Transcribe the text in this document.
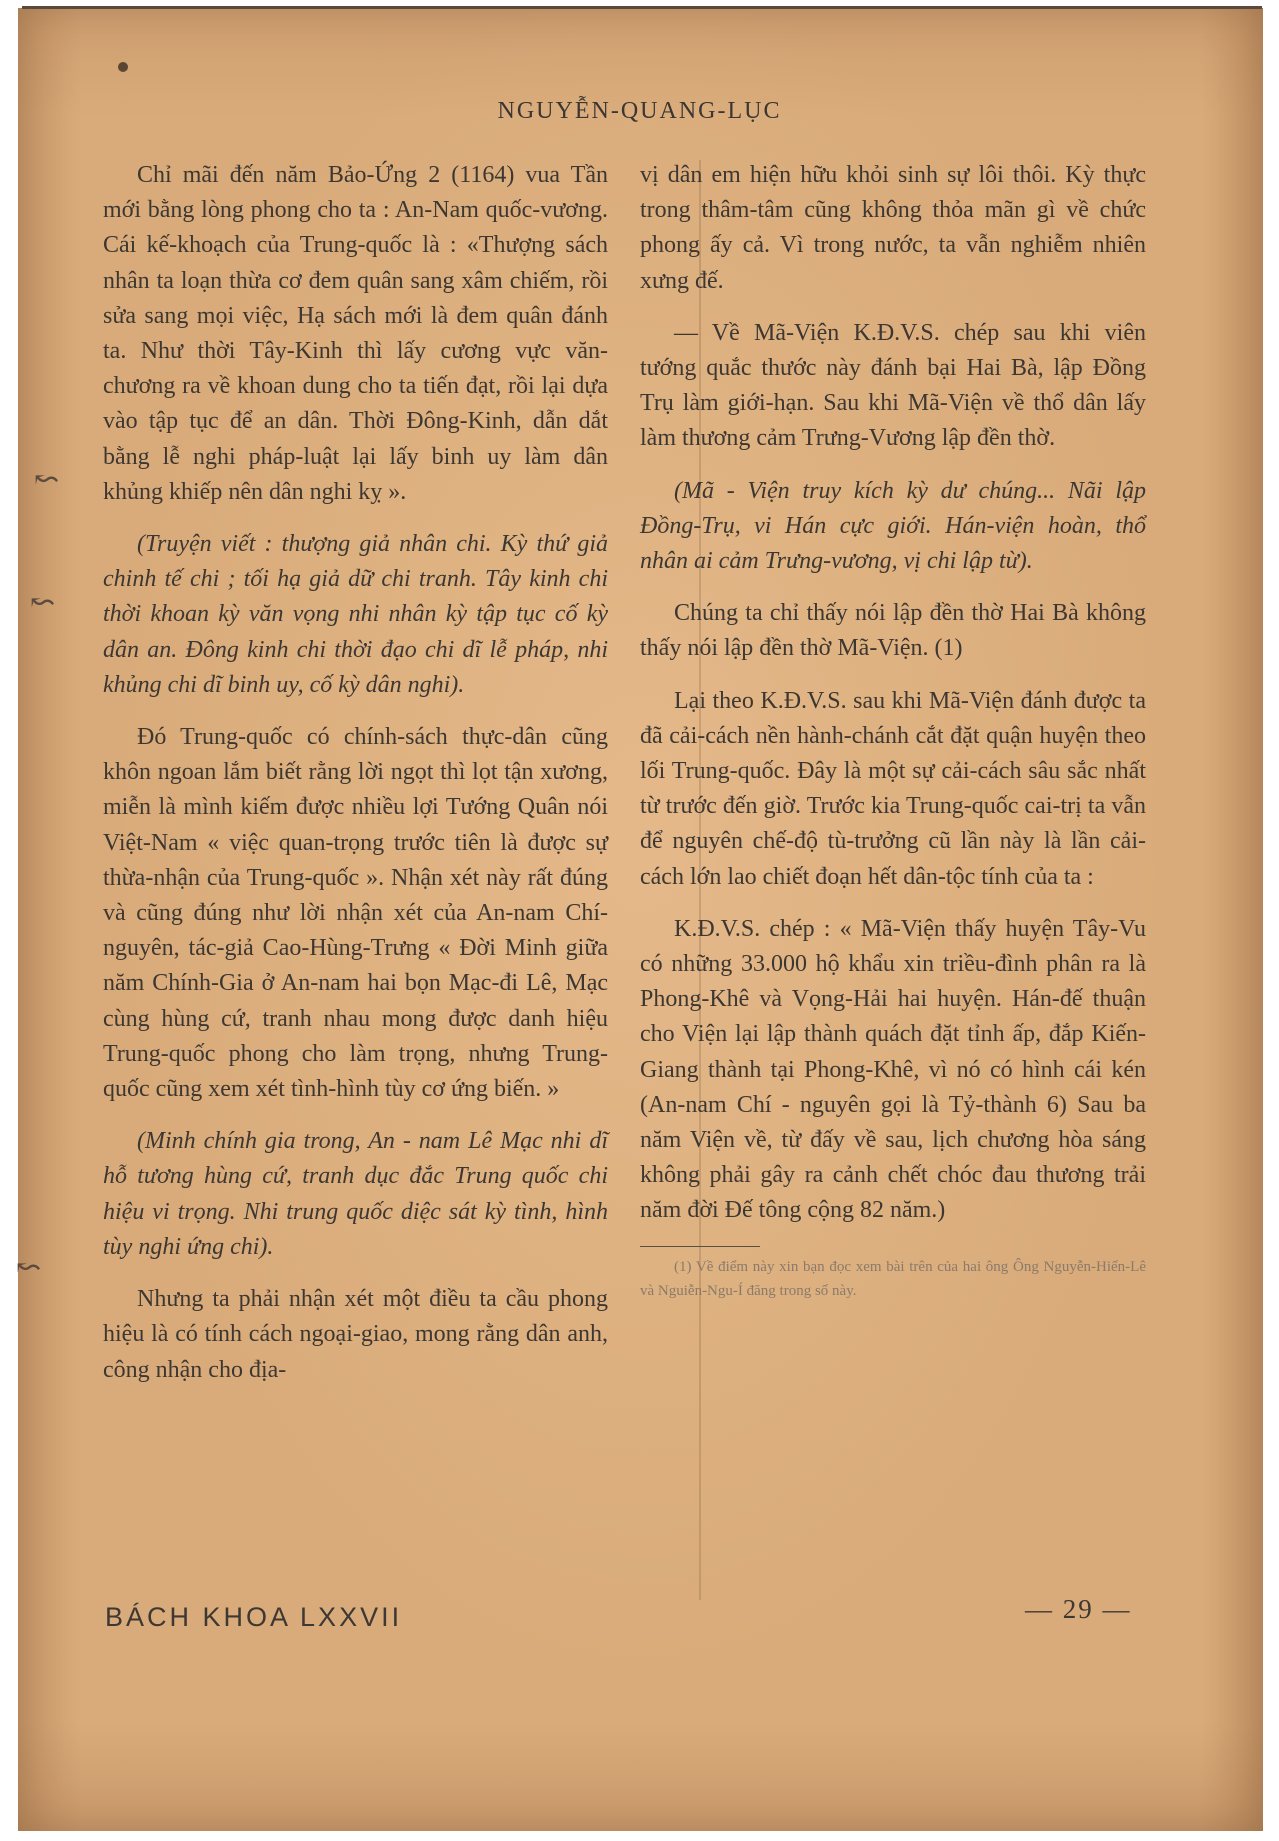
↜
↜
↜
NGUYỄN-QUANG-LỤC

Chỉ mãi đến năm Bảo-Ứng 2 (1164) vua Tần mới bằng lòng phong cho ta : An-Nam quốc-vương. Cái kế-khoạch của Trung-quốc là : «Thượng sách nhân ta loạn thừa cơ đem quân sang xâm chiếm, rồi sửa sang mọi việc, Hạ sách mới là đem quân đánh ta. Như thời Tây-Kinh thì lấy cương vực văn-chương ra về khoan dung cho ta tiến đạt, rồi lại dựa vào tập tục để an dân. Thời Đông-Kinh, dẫn dắt bằng lễ nghi pháp-luật lại lấy binh uy làm dân khủng khiếp nên dân nghi kỵ ».

(Truyện viết : thượng giả nhân chi. Kỳ thứ giả chinh tế chi ; tối hạ giả dữ chi tranh. Tây kinh chi thời khoan kỳ văn vọng nhi nhân kỳ tập tục cố kỳ dân an. Đông kinh chi thời đạo chi dĩ lễ pháp, nhi khủng chi dĩ binh uy, cố kỳ dân nghi).

Đó Trung-quốc có chính-sách thực-dân cũng khôn ngoan lắm biết rằng lời ngọt thì lọt tận xương, miễn là mình kiếm được nhiều lợi Tướng Quân nói Việt-Nam « việc quan-trọng trước tiên là được sự thừa-nhận của Trung-quốc ». Nhận xét này rất đúng và cũng đúng như lời nhận xét của An-nam Chí-nguyên, tác-giả Cao-Hùng-Trưng « Đời Minh giữa năm Chính-Gia ở An-nam hai bọn Mạc-đi Lê, Mạc cùng hùng cứ, tranh nhau mong được danh hiệu Trung-quốc phong cho làm trọng, nhưng Trung-quốc cũng xem xét tình-hình tùy cơ ứng biến. »

(Minh chính gia trong, An - nam Lê Mạc nhi dĩ hỗ tương hùng cứ, tranh dục đắc Trung quốc chi hiệu vi trọng. Nhi trung quốc diệc sát kỳ tình, hình tùy nghi ứng chi).

Nhưng ta phải nhận xét một điều ta cầu phong hiệu là có tính cách ngoại-giao, mong rằng dân anh, công nhận cho địa-

vị dân em hiện hữu khỏi sinh sự lôi thôi. Kỳ thực trong thâm-tâm cũng không thỏa mãn gì về chức phong ấy cả. Vì trong nước, ta vẫn nghiễm nhiên xưng đế.

— Về Mã-Viện K.Đ.V.S. chép sau khi viên tướng quắc thước này đánh bại Hai Bà, lập Đồng Trụ làm giới-hạn. Sau khi Mã-Viện về thổ dân lấy làm thương cảm Trưng-Vương lập đền thờ.

(Mã - Viện truy kích kỳ dư chúng... Nãi lập Đồng-Trụ, vi Hán cực giới. Hán-viện hoàn, thổ nhân ai cảm Trưng-vương, vị chi lập từ).

Chúng ta chỉ thấy nói lập đền thờ Hai Bà không thấy nói lập đền thờ Mã-Viện. (1)

Lại theo K.Đ.V.S. sau khi Mã-Viện đánh được ta đã cải-cách nền hành-chánh cắt đặt quận huyện theo lối Trung-quốc. Đây là một sự cải-cách sâu sắc nhất từ trước đến giờ. Trước kia Trung-quốc cai-trị ta vẫn để nguyên chế-độ tù-trưởng cũ lần này là lần cải-cách lớn lao chiết đoạn hết dân-tộc tính của ta :

K.Đ.V.S. chép : « Mã-Viện thấy huyện Tây-Vu có những 33.000 hộ khẩu xin triều-đình phân ra là Phong-Khê và Vọng-Hải hai huyện. Hán-đế thuận cho Viện lại lập thành quách đặt tỉnh ấp, đắp Kiến-Giang thành tại Phong-Khê, vì nó có hình cái kén (An-nam Chí - nguyên gọi là Tỷ-thành 6) Sau ba năm Viện về, từ đấy về sau, lịch chương hòa sáng không phải gây ra cảnh chết chóc đau thương trải năm đời Đế tông cộng 82 năm.)

(1) Về điểm này xin bạn đọc xem bài trên của hai ông Ông Nguyễn-Hiến-Lê và Nguiễn-Ngu-Í đăng trong số này.

BÁCH KHOA LXXVII	— 29 —
